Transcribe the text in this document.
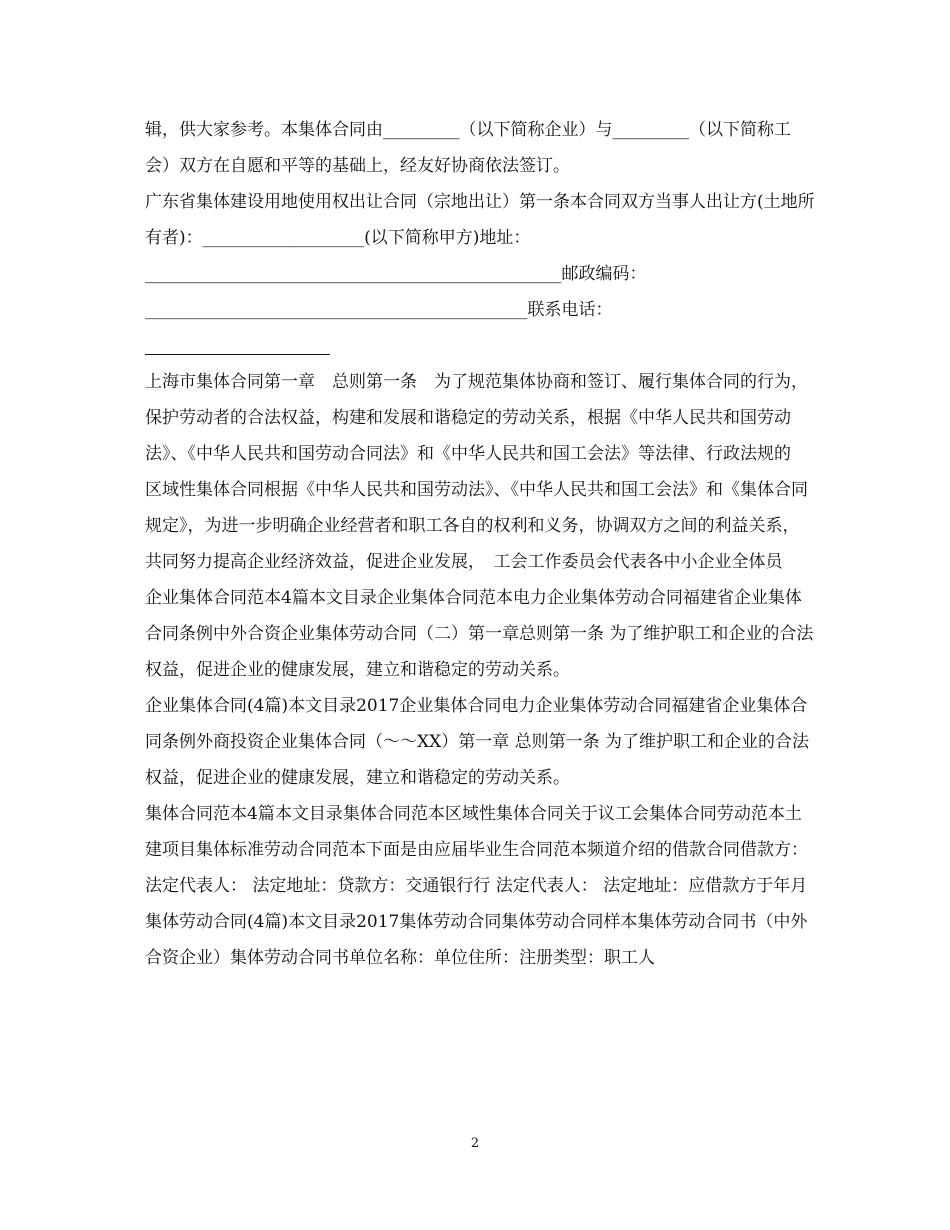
辑，供大家参考。本集体合同由_________（以下简称企业）与_________（以下简称工会）双方在自愿和平等的基础上，经友好协商依法签订。

广东省集体建设用地使用权出让合同（宗地出让）第一条本合同双方当事人出让方(土地所有者)：___________________(以下简称甲方)地址：
_________________________________________________邮政编码：
_____________________________________________联系电话：

上海市集体合同第一章　总则第一条　为了规范集体协商和签订、履行集体合同的行为，保护劳动者的合法权益，构建和发展和谐稳定的劳动关系，根据《中华人民共和国劳动法》、《中华人民共和国劳动合同法》和《中华人民共和国工会法》等法律、行政法规的

区域性集体合同根据《中华人民共和国劳动法》、《中华人民共和国工会法》和《集体合同规定》，为进一步明确企业经营者和职工各自的权利和义务，协调双方之间的利益关系，共同努力提高企业经济效益，促进企业发展，　工会工作委员会代表各中小企业全体员

企业集体合同范本4篇本文目录企业集体合同范本电力企业集体劳动合同福建省企业集体合同条例中外合资企业集体劳动合同（二）第一章总则第一条 为了维护职工和企业的合法权益，促进企业的健康发展，建立和谐稳定的劳动关系。

企业集体合同(4篇)本文目录2017企业集体合同电力企业集体劳动合同福建省企业集体合同条例外商投资企业集体合同（～～XX）第一章 总则第一条 为了维护职工和企业的合法权益，促进企业的健康发展，建立和谐稳定的劳动关系。

集体合同范本4篇本文目录集体合同范本区域性集体合同关于议工会集体合同劳动范本土建项目集体标准劳动合同范本下面是由应届毕业生合同范本频道介绍的借款合同借款方： 法定代表人： 法定地址：贷款方：交通银行行 法定代表人： 法定地址：应借款方于年月

集体劳动合同(4篇)本文目录2017集体劳动合同集体劳动合同样本集体劳动合同书（中外合资企业）集体劳动合同书单位名称：单位住所：注册类型：职工人

2
